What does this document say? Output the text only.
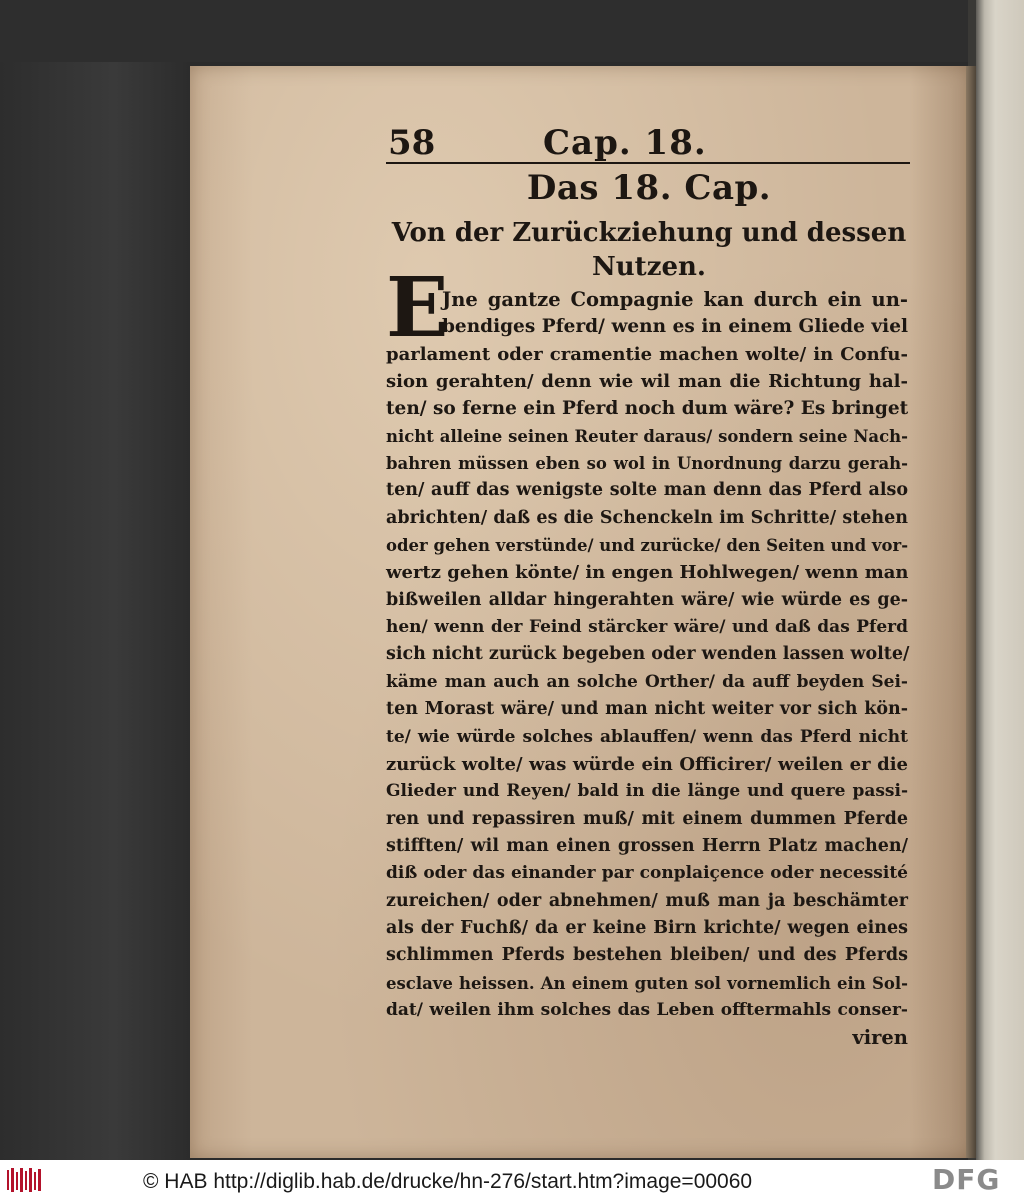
58	Cap. 18.
Das 18. Cap.
Von der Zurückziehung und dessen
Nutzen.
E
Jne gantze Compagnie kan durch ein un-
bendiges Pferd/ wenn es in einem Gliede viel
parlament oder cramentie machen wolte/ in Confu-
sion gerahten/ denn wie wil man die Richtung hal-
ten/ so ferne ein Pferd noch dum wäre? Es bringet
nicht alleine seinen Reuter daraus/ sondern seine Nach-
bahren müssen eben so wol in Unordnung darzu gerah-
ten/ auff das wenigste solte man denn das Pferd also
abrichten/ daß es die Schenckeln im Schritte/ stehen
oder gehen verstünde/ und zurücke/ den Seiten und vor-
wertz gehen könte/ in engen Hohlwegen/ wenn man
bißweilen alldar hingerahten wäre/ wie würde es ge-
hen/ wenn der Feind stärcker wäre/ und daß das Pferd
sich nicht zurück begeben oder wenden lassen wolte/
käme man auch an solche Orther/ da auff beyden Sei-
ten Morast wäre/ und man nicht weiter vor sich kön-
te/ wie würde solches ablauffen/ wenn das Pferd nicht
zurück wolte/ was würde ein Officirer/ weilen er die
Glieder und Reyen/ bald in die länge und quere passi-
ren und repassiren muß/ mit einem dummen Pferde
stifften/ wil man einen grossen Herrn Platz machen/
diß oder das einander par conplaiçence oder necessité
zureichen/ oder abnehmen/ muß man ja beschämter
als der Fuchß/ da er keine Birn krichte/ wegen eines
schlimmen Pferds bestehen bleiben/ und des Pferds
esclave heissen. An einem guten sol vornemlich ein Sol-
dat/ weilen ihm solches das Leben offtermahls conser-
viren
© HAB http://diglib.hab.de/drucke/hn-276/start.htm?image=00060	DFG
